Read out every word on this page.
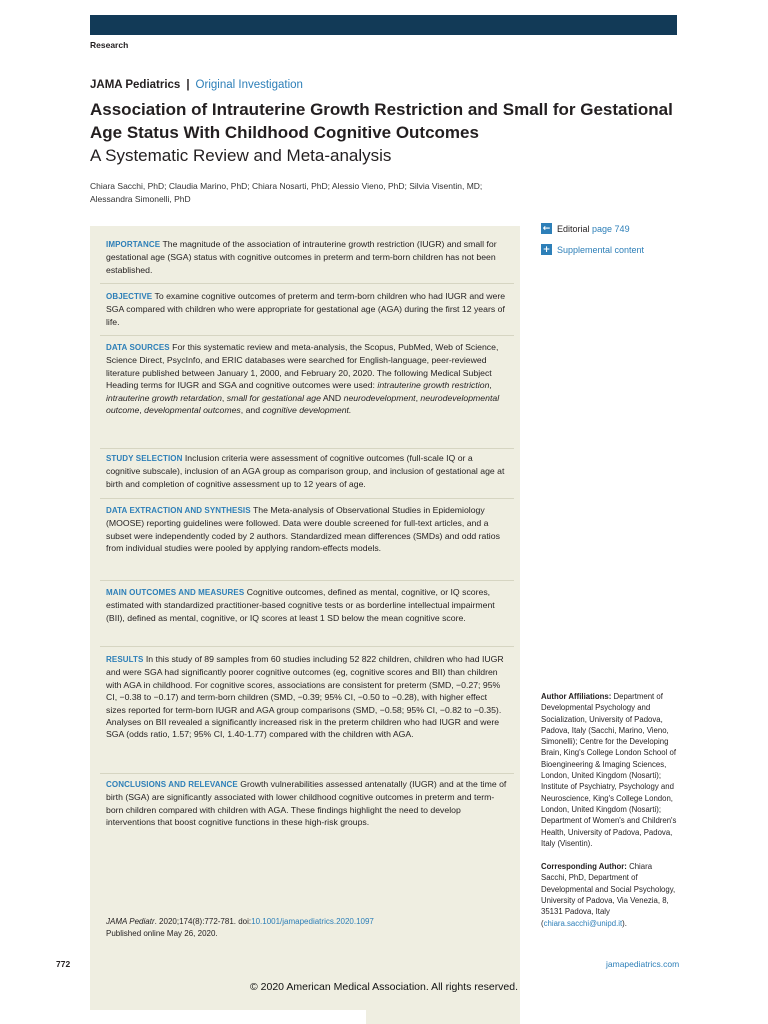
Research
JAMA Pediatrics | Original Investigation
Association of Intrauterine Growth Restriction and Small for Gestational Age Status With Childhood Cognitive Outcomes
A Systematic Review and Meta-analysis
Chiara Sacchi, PhD; Claudia Marino, PhD; Chiara Nosarti, PhD; Alessio Vieno, PhD; Silvia Visentin, MD;
Alessandra Simonelli, PhD
IMPORTANCE The magnitude of the association of intrauterine growth restriction (IUGR) and small for gestational age (SGA) status with cognitive outcomes in preterm and term-born children has not been established.
OBJECTIVE To examine cognitive outcomes of preterm and term-born children who had IUGR and were SGA compared with children who were appropriate for gestational age (AGA) during the first 12 years of life.
DATA SOURCES For this systematic review and meta-analysis, the Scopus, PubMed, Web of Science, Science Direct, PsycInfo, and ERIC databases were searched for English-language, peer-reviewed literature published between January 1, 2000, and February 20, 2020. The following Medical Subject Heading terms for IUGR and SGA and cognitive outcomes were used: intrauterine growth restriction, intrauterine growth retardation, small for gestational age AND neurodevelopment, neurodevelopmental outcome, developmental outcomes, and cognitive development.
STUDY SELECTION Inclusion criteria were assessment of cognitive outcomes (full-scale IQ or a cognitive subscale), inclusion of an AGA group as comparison group, and inclusion of gestational age at birth and completion of cognitive assessment up to 12 years of age.
DATA EXTRACTION AND SYNTHESIS The Meta-analysis of Observational Studies in Epidemiology (MOOSE) reporting guidelines were followed. Data were double screened for full-text articles, and a subset were independently coded by 2 authors. Standardized mean differences (SMDs) and odd ratios from individual studies were pooled by applying random-effects models.
MAIN OUTCOMES AND MEASURES Cognitive outcomes, defined as mental, cognitive, or IQ scores, estimated with standardized practitioner-based cognitive tests or as borderline intellectual impairment (BII), defined as mental, cognitive, or IQ scores at least 1 SD below the mean cognitive score.
RESULTS In this study of 89 samples from 60 studies including 52 822 children, children who had IUGR and were SGA had significantly poorer cognitive outcomes (eg, cognitive scores and BII) than children with AGA in childhood. For cognitive scores, associations are consistent for preterm (SMD, −0.27; 95% CI, −0.38 to −0.17) and term-born children (SMD, −0.39; 95% CI, −0.50 to −0.28), with higher effect sizes reported for term-born IUGR and AGA group comparisons (SMD, −0.58; 95% CI, −0.82 to −0.35). Analyses on BII revealed a significantly increased risk in the preterm children who had IUGR and were SGA (odds ratio, 1.57; 95% CI, 1.40-1.77) compared with the children with AGA.
CONCLUSIONS AND RELEVANCE Growth vulnerabilities assessed antenatally (IUGR) and at the time of birth (SGA) are significantly associated with lower childhood cognitive outcomes in preterm and term-born children compared with children with AGA. These findings highlight the need to develop interventions that boost cognitive functions in these high-risk groups.
JAMA Pediatr. 2020;174(8):772-781. doi:10.1001/jamapediatrics.2020.1097
Published online May 26, 2020.
← Editorial
page 749
+ Supplemental content
Author Affiliations: Department of Developmental Psychology and Socialization, University of Padova, Padova, Italy (Sacchi, Marino, Vieno, Simonelli); Centre for the Developing Brain, King's College London School of Bioengineering & Imaging Sciences, London, United Kingdom (Nosarti); Institute of Psychiatry, Psychology and Neuroscience, King's College London, London, United Kingdom (Nosarti); Department of Women's and Children's Health, University of Padova, Padova, Italy (Visentin).
Corresponding Author: Chiara Sacchi, PhD, Department of Developmental and Social Psychology, University of Padova, Via Venezia, 8, 35131 Padova, Italy (chiara.sacchi@unipd.it).
772	jamapediatrics.com
© 2020 American Medical Association. All rights reserved.
